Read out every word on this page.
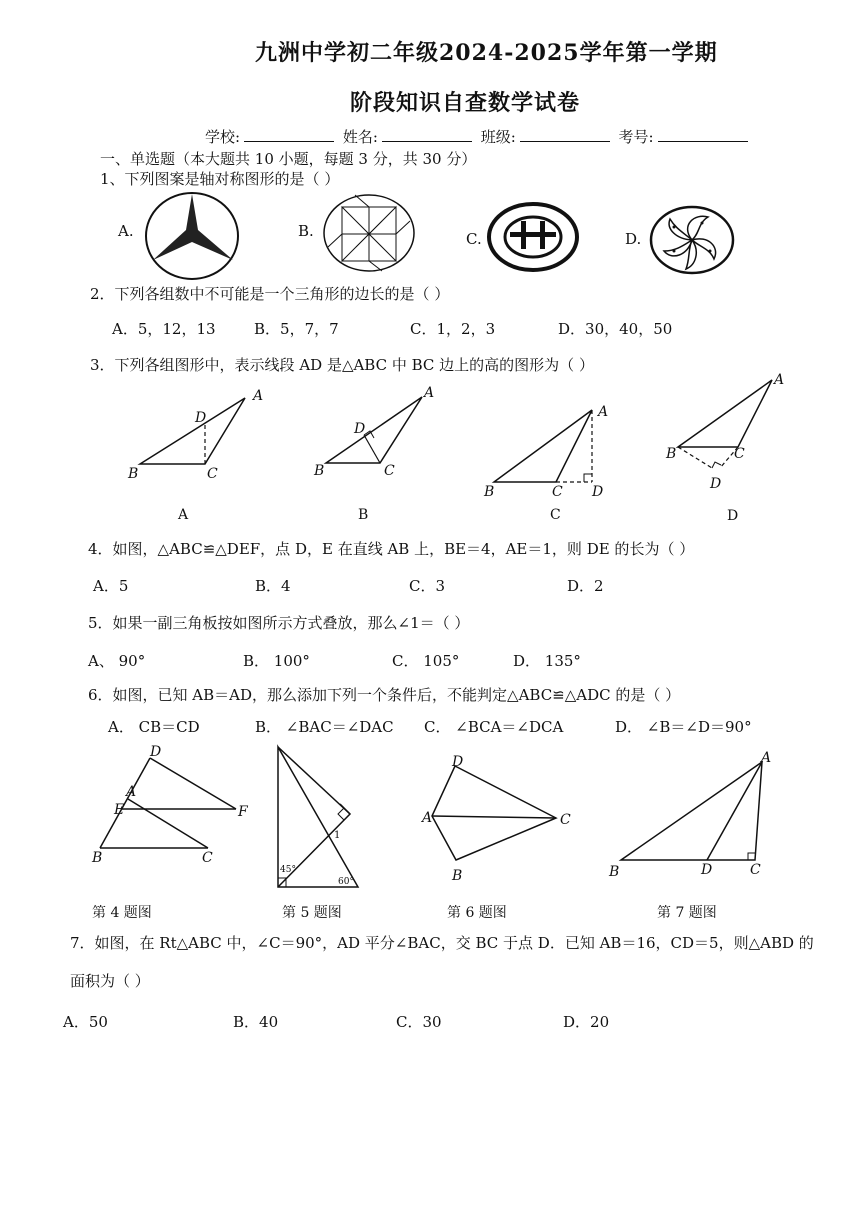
九洲中学初二年级2024-2025学年第一学期
阶段知识自查数学试卷
学校:	姓名:	班级:	考号:
一、单选题（本大题共 10 小题，每题 3 分，共 30 分）
1、下列图案是轴对称图形的是（ ）
A.	B.	C.	D.
2．下列各组数中不可能是一个三角形的边长的是（ ）
A．5，12，13	B．5，7，7	C．1，2，3	D．30，40，50
3．下列各组图形中，表示线段 AD 是△ABC 中 BC 边上的高的图形为（ ）
A
B	C
D
A
B	C
D
A
B	C D
A
B	C
D
A	B	C	D
4．如图，△ABC≌△DEF，点 D，E 在直线 AB 上，BE＝4，AE＝1，则 DE 的长为（ ）
A．5	B．4	C．3	D．2
5．如果一副三角板按如图所示方式叠放，那么∠1＝（ ）
A、 90°	B． 100°	C． 105°	D． 135°
6．如图，已知 AB＝AD，那么添加下列一个条件后，不能判定△ABC≌△ADC 的是（ ）
A． CB＝CD	B． ∠BAC＝∠DAC C． ∠BCA＝∠DCA	D． ∠B＝∠D＝90°
D
A
E	F
B	C
45°
60°
1
D
A	C
B
A
B	D	C
第 4 题图	第 5 题图	第 6 题图	第 7 题图
7．如图，在 Rt△ABC 中，∠C＝90°，AD 平分∠BAC，交 BC 于点 D．已知 AB＝16，CD＝5，则△ABD 的
面积为（ ）
A．50	B．40	C．30	D．20
